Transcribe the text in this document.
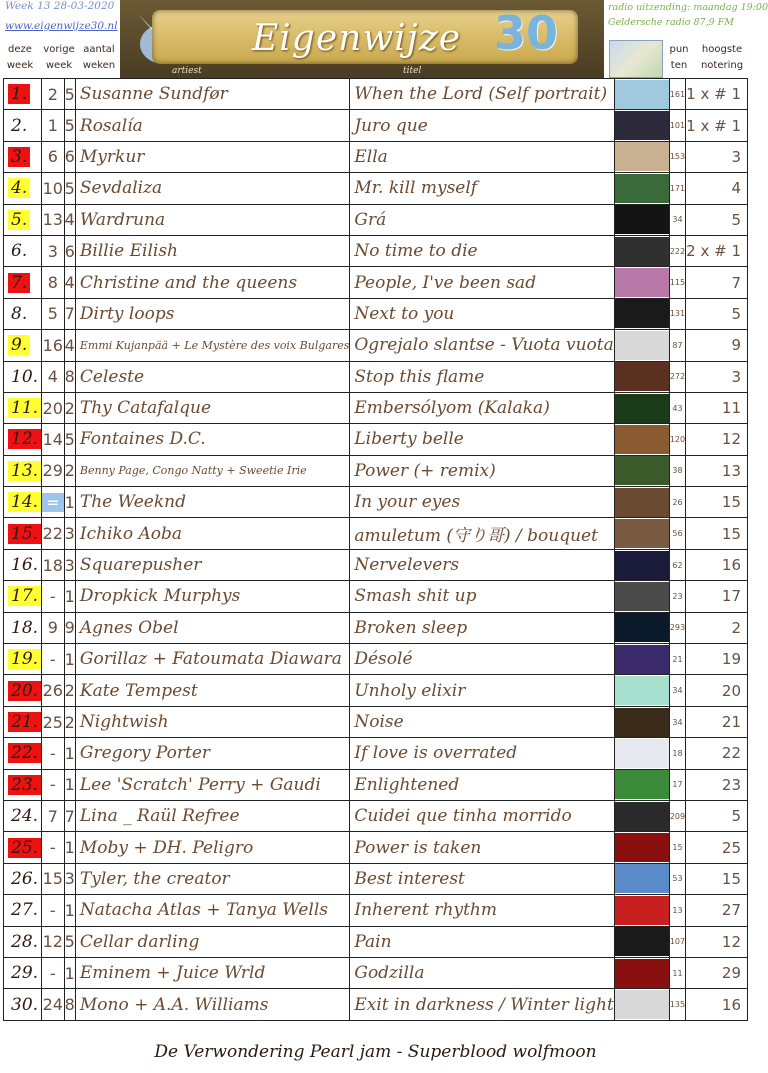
Week 13 28-03-2020
www.eigenwijze30.nl
deze
week
vorige
week
aantal
weken
Eigenwijze 30
artiest	titel
radio uitzending: maandag 19:00
Geldersche radio 87,9 FM
pun
ten
hoogste
notering
1.	2	5	Susanne Sundfør	When the Lord (Self portrait)		161	1 x # 1
2.	1	5	Rosalía	Juro que		101	1 x # 1
3.	6	6	Myrkur	Ella		153	3
4.	10	5	Sevdaliza	Mr. kill myself		171	4
5.	13	4	Wardruna	Grá		34	5
6.	3	6	Billie Eilish	No time to die		222	2 x # 1
7.	8	4	Christine and the queens	People, I've been sad		115	7
8.	5	7	Dirty loops	Next to you		131	5
9.	16	4	Emmi Kujanpää + Le Mystère des voix Bulgares	Ogrejalo slantse - Vuota vuota		87	9
10.	4	8	Celeste	Stop this flame		272	3
11.	20	2	Thy Catafalque	Embersólyom (Kalaka)		43	11
12.	14	5	Fontaines D.C.	Liberty belle		120	12
13.	29	2	Benny Page, Congo Natty + Sweetie Irie	Power (+ remix)		38	13
14.	=	1	The Weeknd	In your eyes		26	15
15.	22	3	Ichiko Aoba	amuletum (守り哥) / bouquet		56	15
16.	18	3	Squarepusher	Nervelevers		62	16
17.	-	1	Dropkick Murphys	Smash shit up		23	17
18.	9	9	Agnes Obel	Broken sleep		293	2
19.	-	1	Gorillaz + Fatoumata Diawara	Désolé		21	19
20.	26	2	Kate Tempest	Unholy elixir		34	20
21.	25	2	Nightwish	Noise		34	21
22.	-	1	Gregory Porter	If love is overrated		18	22
23.	-	1	Lee 'Scratch' Perry + Gaudi	Enlightened		17	23
24.	7	7	Lina _ Raül Refree	Cuidei que tinha morrido		209	5
25.	-	1	Moby + DH. Peligro	Power is taken		15	25
26.	15	3	Tyler, the creator	Best interest		53	15
27.	-	1	Natacha Atlas + Tanya Wells	Inherent rhythm		13	27
28.	12	5	Cellar darling	Pain		107	12
29.	-	1	Eminem + Juice Wrld	Godzilla		11	29
30.	24	8	Mono + A.A. Williams	Exit in darkness / Winter light		135	16
De Verwondering Pearl jam - Superblood wolfmoon
